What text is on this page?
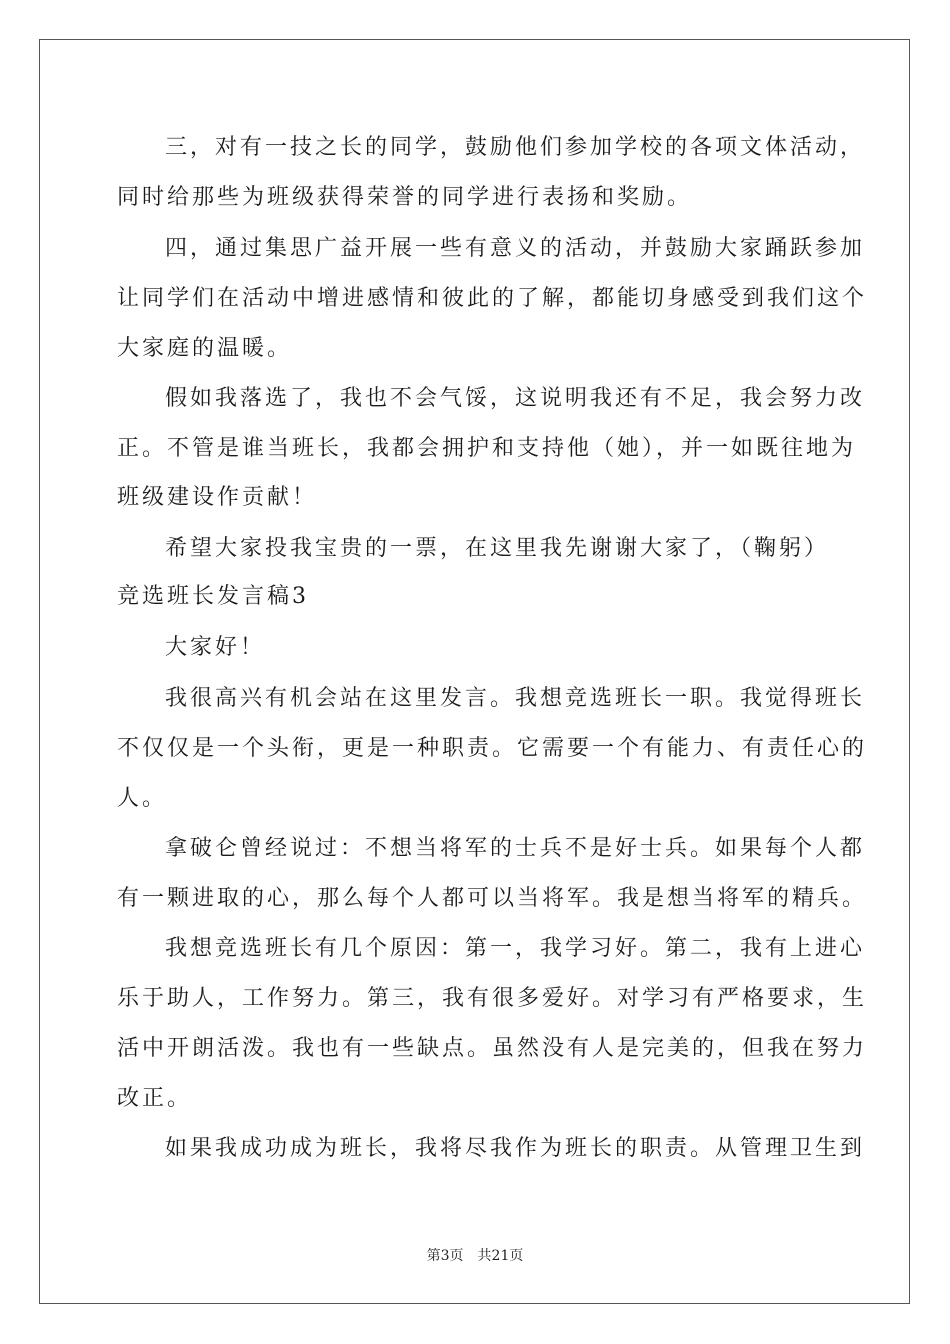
三，对有一技之长的同学，鼓励他们参加学校的各项文体活动，
同时给那些为班级获得荣誉的同学进行表扬和奖励。
四，通过集思广益开展一些有意义的活动，并鼓励大家踊跃参加
让同学们在活动中增进感情和彼此的了解，都能切身感受到我们这个
大家庭的温暖。
假如我落选了，我也不会气馁，这说明我还有不足，我会努力改
正。不管是谁当班长，我都会拥护和支持他（她），并一如既往地为
班级建设作贡献！
希望大家投我宝贵的一票，在这里我先谢谢大家了，（鞠躬）
竞选班长发言稿3
大家好！
我很高兴有机会站在这里发言。我想竞选班长一职。我觉得班长
不仅仅是一个头衔，更是一种职责。它需要一个有能力、有责任心的
人。
拿破仑曾经说过：不想当将军的士兵不是好士兵。如果每个人都
有一颗进取的心，那么每个人都可以当将军。我是想当将军的精兵。
我想竞选班长有几个原因：第一，我学习好。第二，我有上进心
乐于助人，工作努力。第三，我有很多爱好。对学习有严格要求，生
活中开朗活泼。我也有一些缺点。虽然没有人是完美的，但我在努力
改正。
如果我成功成为班长，我将尽我作为班长的职责。从管理卫生到
第3页 共21页
